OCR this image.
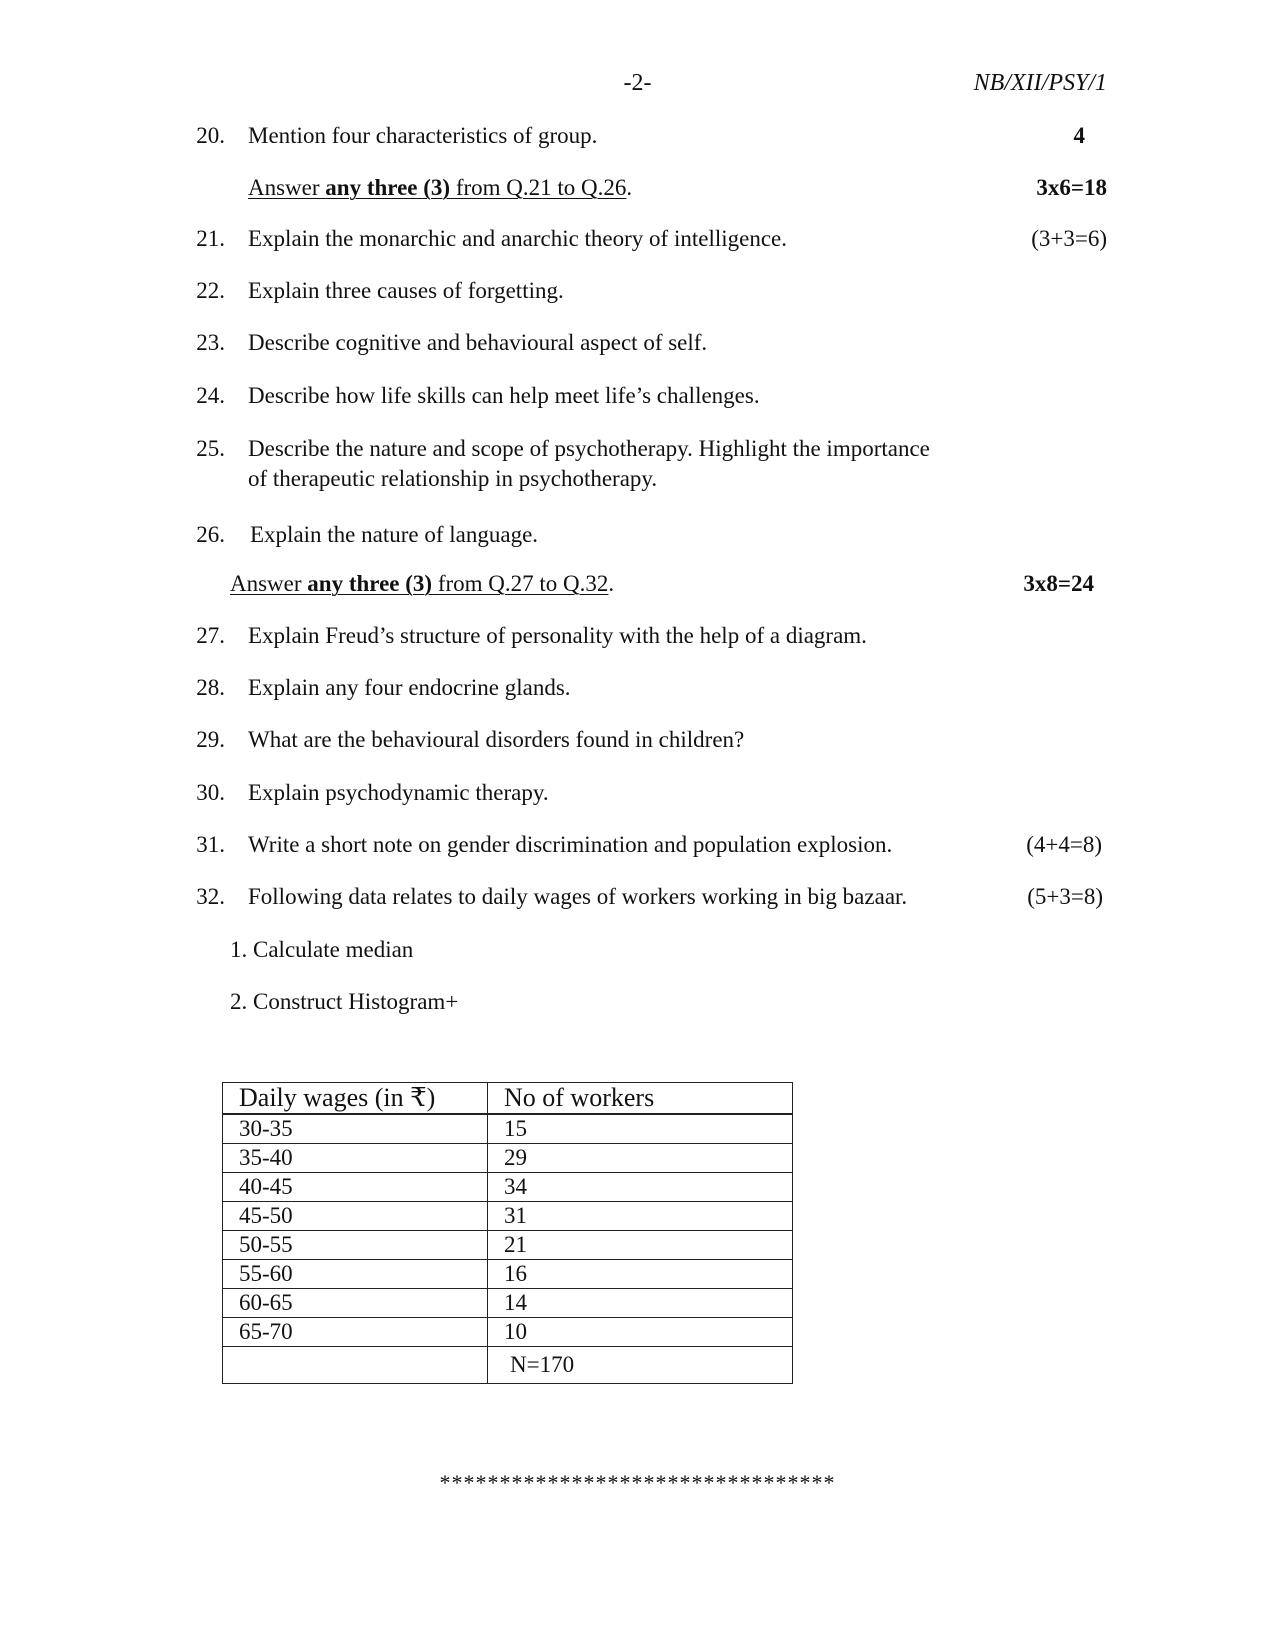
-2-	NB/XII/PSY/1
20. Mention four characteristics of group.	4
Answer any three (3) from Q.21 to Q.26.	3x6=18
21. Explain the monarchic and anarchic theory of intelligence.	(3+3=6)
22. Explain three causes of forgetting.
23. Describe cognitive and behavioural aspect of self.
24. Describe how life skills can help meet life’s challenges.
25. Describe the nature and scope of psychotherapy. Highlight the importance
of therapeutic relationship in psychotherapy.
26. Explain the nature of language.
Answer any three (3) from Q.27 to Q.32.	3x8=24
27. Explain Freud’s structure of personality with the help of a diagram.
28. Explain any four endocrine glands.
29. What are the behavioural disorders found in children?
30. Explain psychodynamic therapy.
31. Write a short note on gender discrimination and population explosion.	(4+4=8)
32. Following data relates to daily wages of workers working in big bazaar.	(5+3=8)
1. Calculate median
2. Construct Histogram+
Daily wages (in ₹)	No of workers
30-35	15
35-40	29
40-45	34
45-50	31
50-55	21
55-60	16
60-65	14
65-70	10
	N=170
*********************************
